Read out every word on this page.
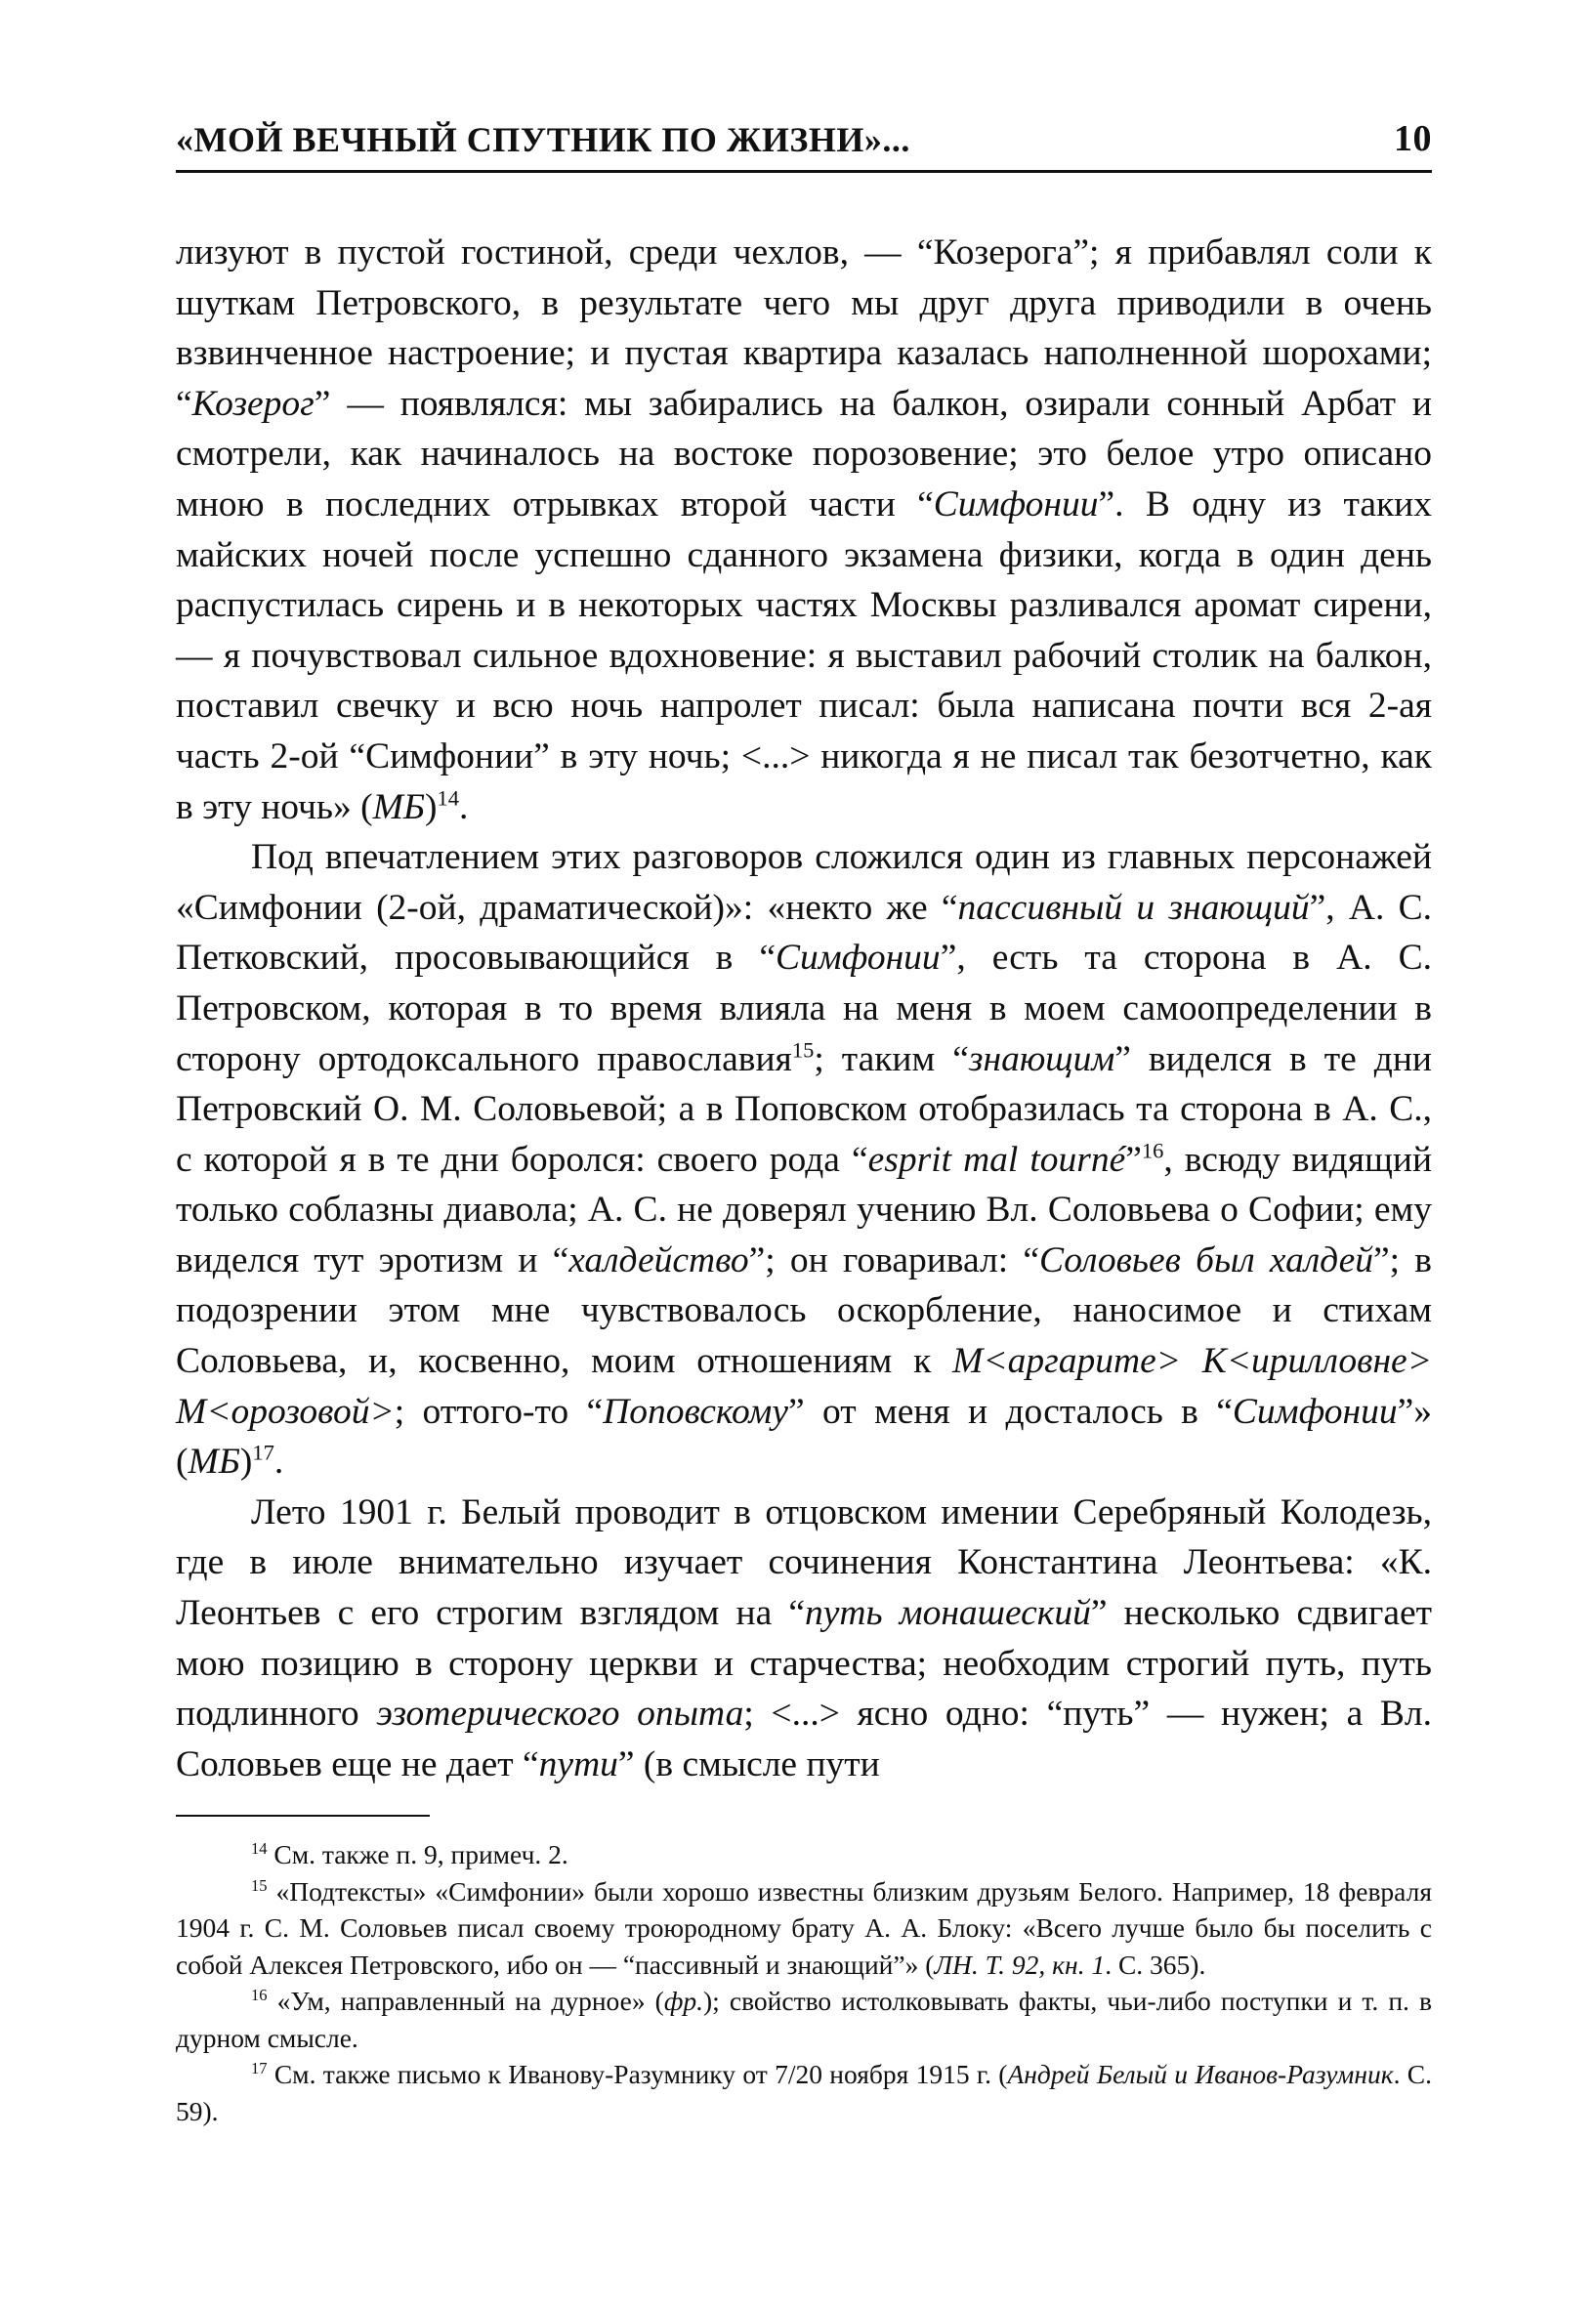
«МОЙ ВЕЧНЫЙ СПУТНИК ПО ЖИЗНИ»...	10

лизуют в пустой гостиной, среди чехлов, — “Козерога”; я прибавлял соли к шуткам Петровского, в результате чего мы друг друга приводили в очень взвинченное настроение; и пустая квартира казалась наполненной шорохами; “Козерог” — появлялся: мы забирались на балкон, озирали сонный Арбат и смотрели, как начиналось на востоке порозовение; это белое утро описано мною в последних отрывках второй части “Симфонии”. В одну из таких майских ночей после успешно сданного экзамена физики, когда в один день распустилась сирень и в некоторых частях Москвы разливался аромат сирени, — я почувствовал сильное вдохновение: я выставил рабочий столик на балкон, поставил свечку и всю ночь напролет писал: была написана почти вся 2-ая часть 2-ой “Симфонии” в эту ночь; <...> никогда я не писал так безотчетно, как в эту ночь» (МБ)$^{14}$.

Под впечатлением этих разговоров сложился один из главных персонажей «Симфонии (2-ой, драматической)»: «некто же “пассивный и знающий”, А. С. Петковский, просовывающийся в “Симфонии”, есть та сторона в А. С. Петровском, которая в то время влияла на меня в моем самоопределении в сторону ортодоксального православия$^{15}$; таким “знающим” виделся в те дни Петровский О. М. Соловьевой; а в Поповском отобразилась та сторона в А. С., с которой я в те дни боролся: своего рода “esprit mal tourné”$^{16}$, всюду видящий только соблазны диавола; А. С. не доверял учению Вл. Соловьева о Софии; ему виделся тут эротизм и “халдейство”; он говаривал: “Соловьев был халдей”; в подозрении этом мне чувствовалось оскорбление, наносимое и стихам Соловьева, и, косвенно, моим отношениям к М<аргарите> К<ирилловне> М<орозовой>; оттого-то “Поповскому” от меня и досталось в “Симфонии”» (МБ)$^{17}$.

Лето 1901 г. Белый проводит в отцовском имении Серебряный Колодезь, где в июле внимательно изучает сочинения Константина Леонтьева: «К. Леонтьев с его строгим взглядом на “путь монашеский” несколько сдвигает мою позицию в сторону церкви и старчества; необходим строгий путь, путь подлинного эзотерического опыта; <...> ясно одно: “путь” — нужен; а Вл. Соловьев еще не дает “пути” (в смысле пути

$^{14}$ См. также п. 9, примеч. 2.

$^{15}$ «Подтексты» «Симфонии» были хорошо известны близким друзьям Белого. Например, 18 февраля 1904 г. С. М. Соловьев писал своему троюродному брату А. А. Блоку: «Всего лучше было бы поселить с собой Алексея Петровского, ибо он — “пассивный и знающий”» (ЛН. Т. 92, кн. 1. С. 365).

$^{16}$ «Ум, направленный на дурное» (фр.); свойство истолковывать факты, чьи-либо поступки и т. п. в дурном смысле.

$^{17}$ См. также письмо к Иванову-Разумнику от 7/20 ноября 1915 г. (Андрей Белый и Иванов-Разумник. С. 59).
